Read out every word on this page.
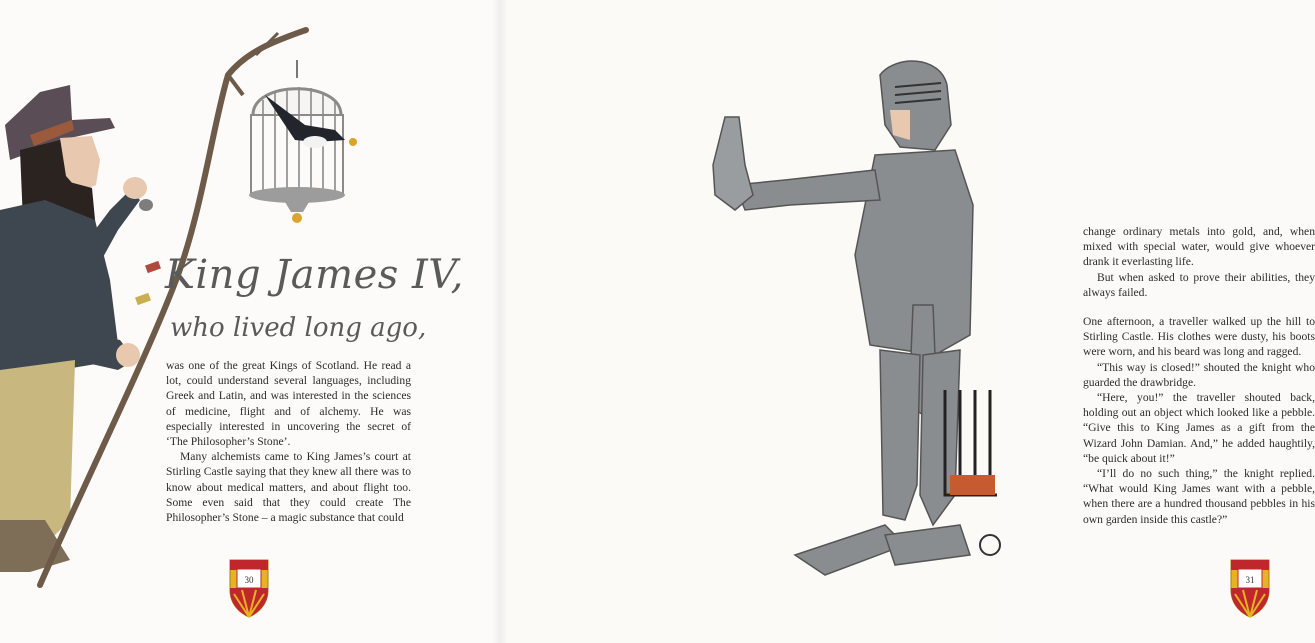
King James IV,
who lived long ago,

was one of the great Kings of Scotland. He read a lot, could understand several languages, including Greek and Latin, and was interested in the sciences of medicine, flight and of alchemy. He was especially interested in uncovering the secret of ‘The Philosopher’s Stone’.

Many alchemists came to King James’s court at Stirling Castle saying that they knew all there was to know about medical matters, and about flight too. Some even said that they could create The Philosopher’s Stone – a magic substance that could

30

change ordinary metals into gold, and, when mixed with special water, would give whoever drank it everlasting life.

But when asked to prove their abilities, they always failed.

One afternoon, a traveller walked up the hill to Stirling Castle. His clothes were dusty, his boots were worn, and his beard was long and ragged.

“This way is closed!” shouted the knight who guarded the drawbridge.

“Here, you!” the traveller shouted back, holding out an object which looked like a pebble. “Give this to King James as a gift from the Wizard John Damian. And,” he added haughtily, “be quick about it!”

“I’ll do no such thing,” the knight replied. “What would King James want with a pebble, when there are a hundred thousand pebbles in his own garden inside this castle?”

31
